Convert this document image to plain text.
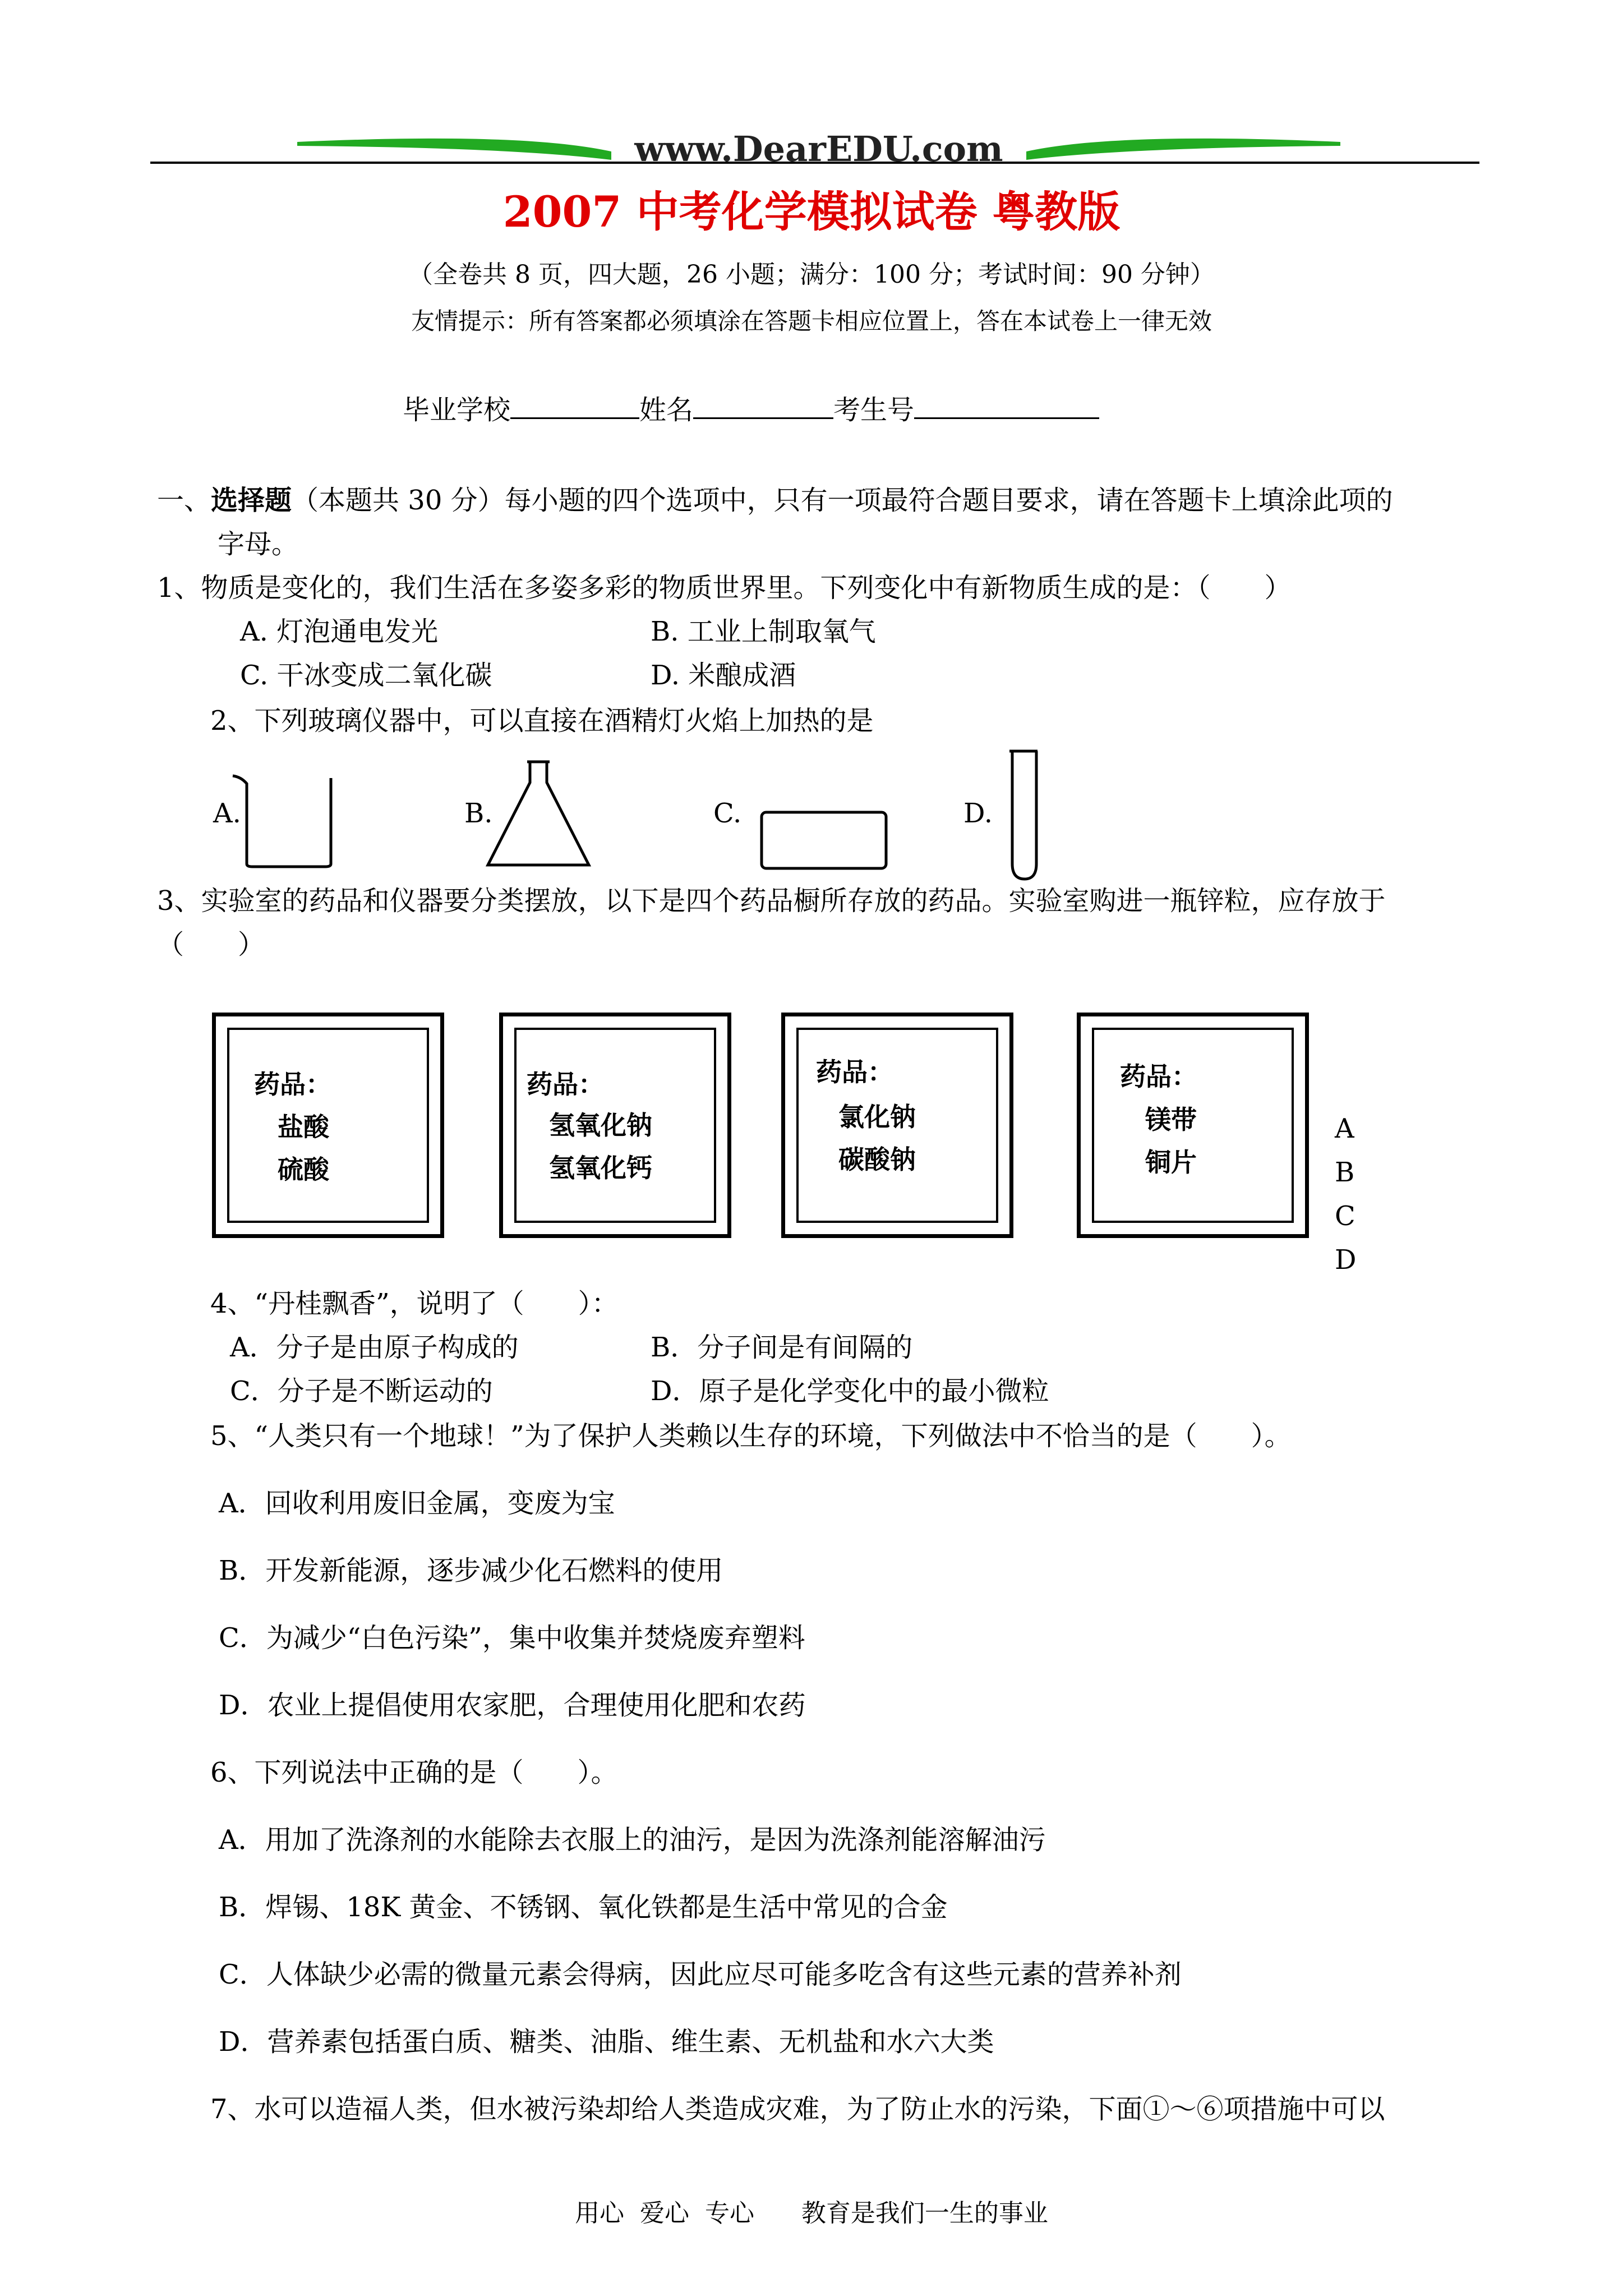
www.DearEDU.com
2007 中考化学模拟试卷 粤教版
（全卷共 8 页，四大题，26 小题；满分：100 分；考试时间：90 分钟）
友情提示：所有答案都必须填涂在答题卡相应位置上，答在本试卷上一律无效
毕业学校	姓名	考生号
一、选择题（本题共 30 分）每小题的四个选项中，只有一项最符合题目要求，请在答题卡上填涂此项的
字母。
1、物质是变化的，我们生活在多姿多彩的物质世界里。下列变化中有新物质生成的是：（　　）
A. 灯泡通电发光	B. 工业上制取氧气
C. 干冰变成二氧化碳	D. 米酿成酒
2、下列玻璃仪器中，可以直接在酒精灯火焰上加热的是
A.	B.	C.	D.
3、实验室的药品和仪器要分类摆放，以下是四个药品橱所存放的药品。实验室购进一瓶锌粒，应存放于
（　　）
药品：
盐酸
硫酸
药品：
氢氧化钠
氢氧化钙
药品：
氯化钠
碳酸钠
药品：
镁带
铜片
A
B
C
D
4、“丹桂飘香”，说明了（　　）：
A．分子是由原子构成的	B．分子间是有间隔的
C．分子是不断运动的	D．原子是化学变化中的最小微粒
5、“人类只有一个地球！”为了保护人类赖以生存的环境，下列做法中不恰当的是（　　）。
A．回收利用废旧金属，变废为宝
B．开发新能源，逐步减少化石燃料的使用
C．为减少“白色污染”，集中收集并焚烧废弃塑料
D．农业上提倡使用农家肥，合理使用化肥和农药
6、下列说法中正确的是（　　）。
A．用加了洗涤剂的水能除去衣服上的油污，是因为洗涤剂能溶解油污
B．焊锡、18K 黄金、不锈钢、氧化铁都是生活中常见的合金
C．人体缺少必需的微量元素会得病，因此应尽可能多吃含有这些元素的营养补剂
D．营养素包括蛋白质、糖类、油脂、维生素、无机盐和水六大类
7、水可以造福人类，但水被污染却给人类造成灾难，为了防止水的污染，下面①～⑥项措施中可以
用心  爱心  专心      教育是我们一生的事业
